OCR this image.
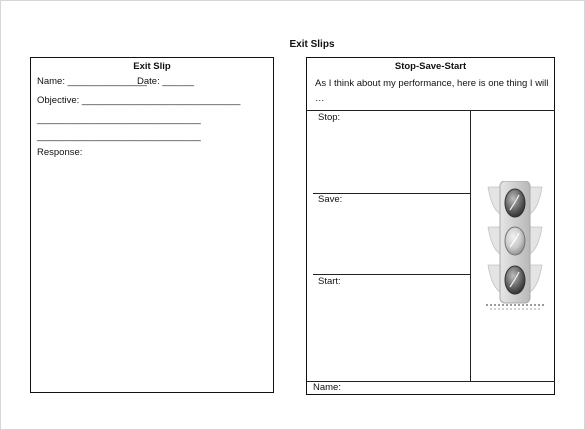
Exit Slips
Exit Slip
Name: _______________
Date: ______
Objective: ______________________________
_______________________________
_______________________________
Response:
Stop-Save-Start
As I think about my performance, here is one thing I will
…
Stop:
Save:
Start:
Name:
